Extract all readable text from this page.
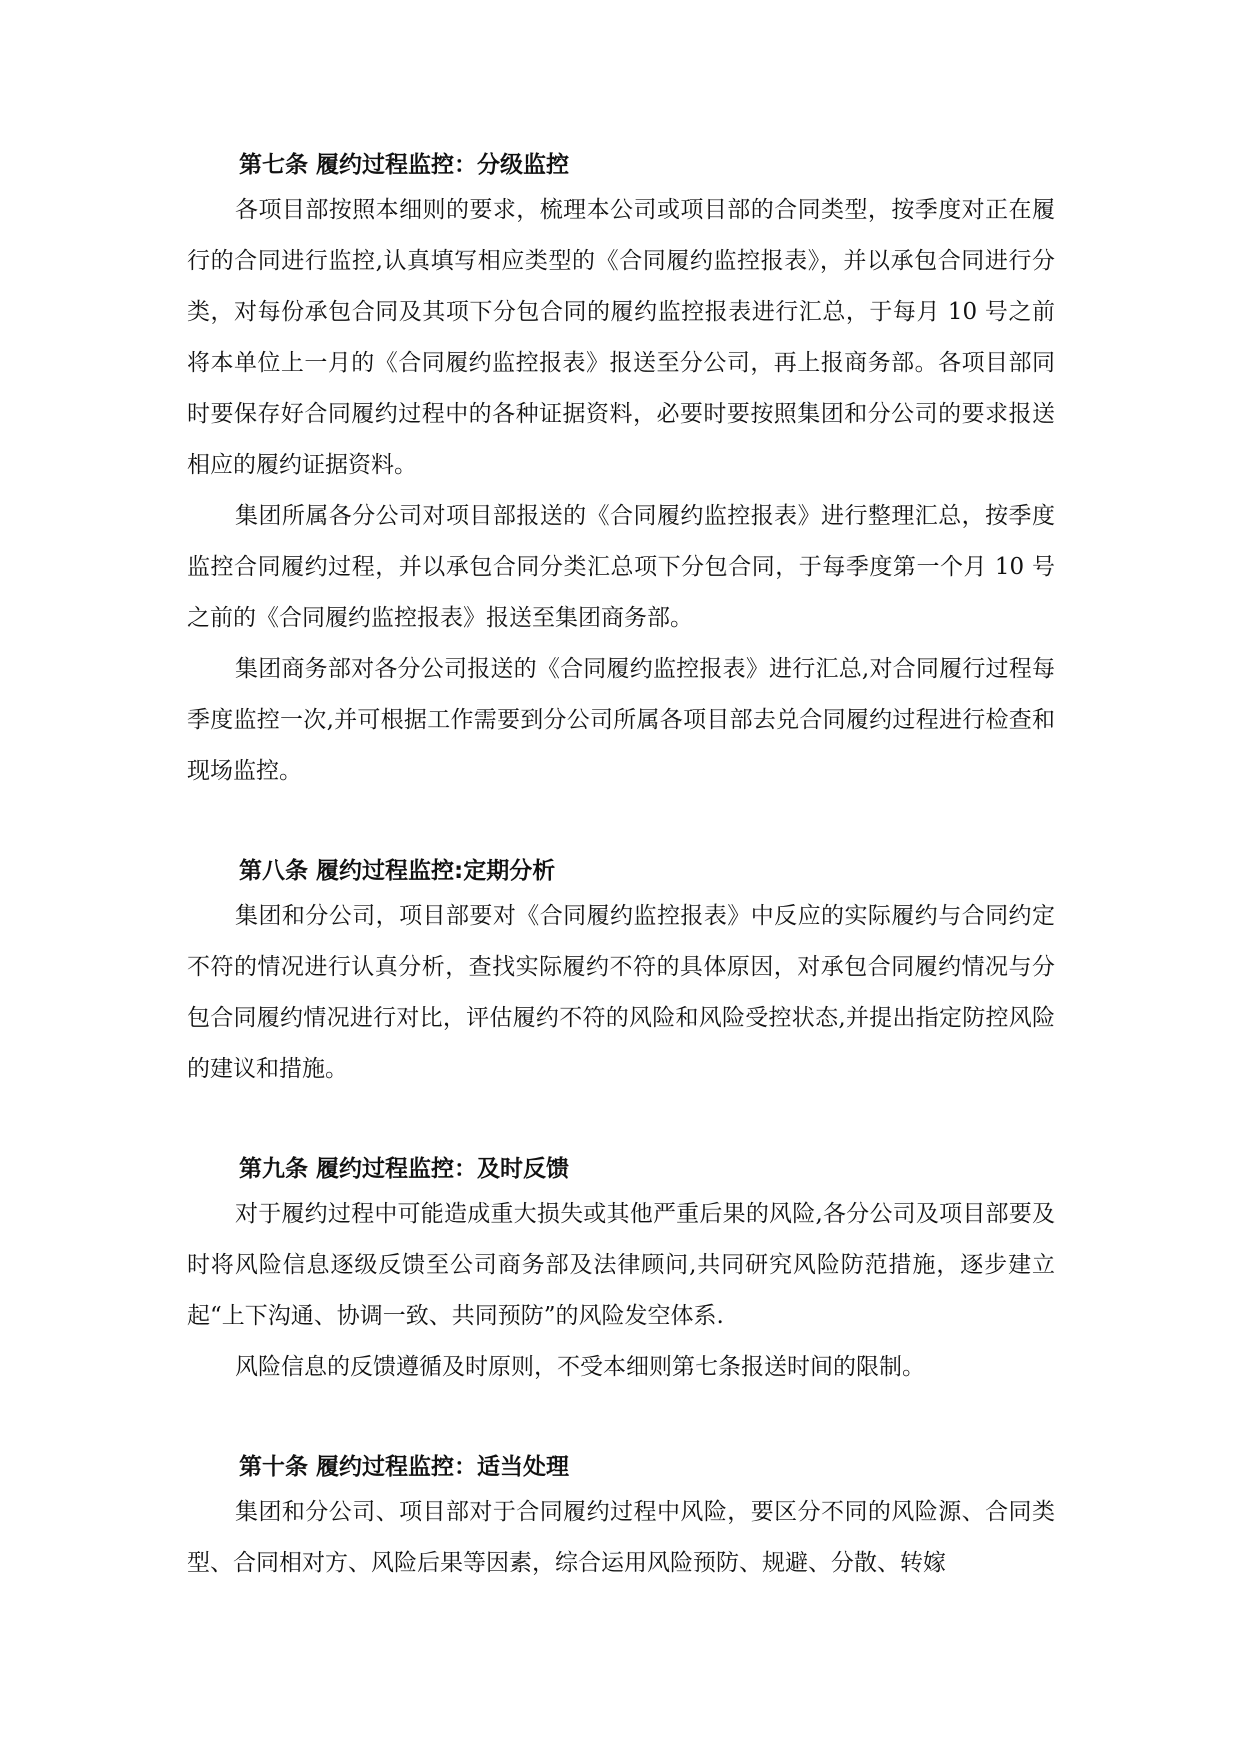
第七条 履约过程监控：分级监控

各项目部按照本细则的要求，梳理本公司或项目部的合同类型，按季度对正在履行的合同进行监控,认真填写相应类型的《合同履约监控报表》，并以承包合同进行分类，对每份承包合同及其项下分包合同的履约监控报表进行汇总，于每月 10 号之前将本单位上一月的《合同履约监控报表》报送至分公司，再上报商务部。各项目部同时要保存好合同履约过程中的各种证据资料，必要时要按照集团和分公司的要求报送相应的履约证据资料。

集团所属各分公司对项目部报送的《合同履约监控报表》进行整理汇总，按季度监控合同履约过程，并以承包合同分类汇总项下分包合同，于每季度第一个月 10 号之前的《合同履约监控报表》报送至集团商务部。

集团商务部对各分公司报送的《合同履约监控报表》进行汇总,对合同履行过程每季度监控一次,并可根据工作需要到分公司所属各项目部去兑合同履约过程进行检查和现场监控。

第八条 履约过程监控:定期分析

集团和分公司，项目部要对《合同履约监控报表》中反应的实际履约与合同约定不符的情况进行认真分析，查找实际履约不符的具体原因，对承包合同履约情况与分包合同履约情况进行对比，评估履约不符的风险和风险受控状态,并提出指定防控风险的建议和措施。

第九条 履约过程监控：及时反馈

对于履约过程中可能造成重大损失或其他严重后果的风险,各分公司及项目部要及时将风险信息逐级反馈至公司商务部及法律顾问,共同研究风险防范措施，逐步建立起“上下沟通、协调一致、共同预防”的风险发空体系.

风险信息的反馈遵循及时原则，不受本细则第七条报送时间的限制。

第十条 履约过程监控：适当处理

集团和分公司、项目部对于合同履约过程中风险，要区分不同的风险源、合同类型、合同相对方、风险后果等因素，综合运用风险预防、规避、分散、转嫁
